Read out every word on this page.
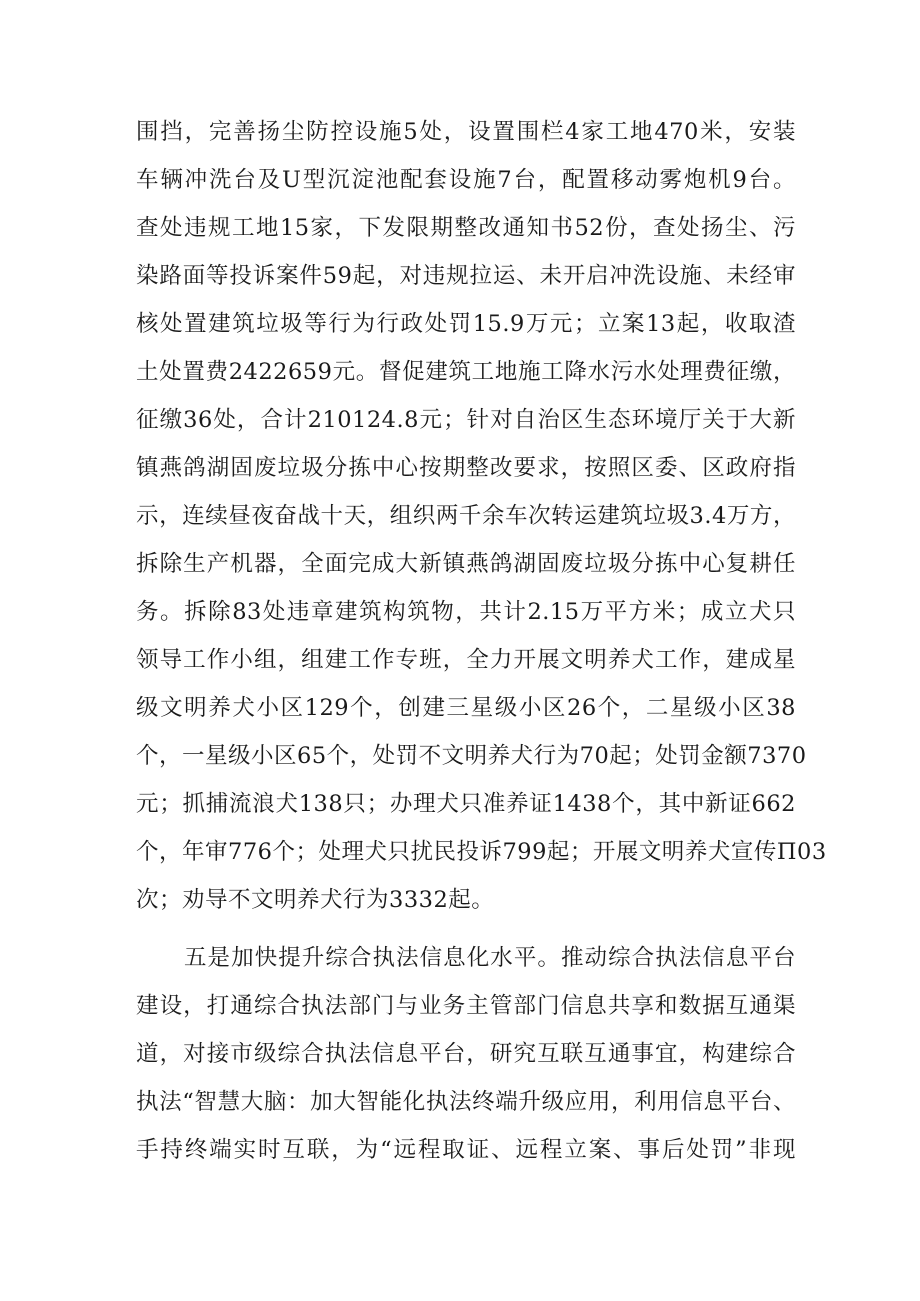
围挡，完善扬尘防控设施5处，设置围栏4家工地470米，安装
车辆冲洗台及U型沉淀池配套设施7台，配置移动雾炮机9台。
查处违规工地15家，下发限期整改通知书52份，查处扬尘、污
染路面等投诉案件59起，对违规拉运、未开启冲洗设施、未经审
核处置建筑垃圾等行为行政处罚15.9万元；立案13起，收取渣
土处置费2422659元。督促建筑工地施工降水污水处理费征缴，
征缴36处，合计210124.8元；针对自治区生态环境厅关于大新
镇燕鸽湖固废垃圾分拣中心按期整改要求，按照区委、区政府指
示，连续昼夜奋战十天，组织两千余车次转运建筑垃圾3.4万方，
拆除生产机器，全面完成大新镇燕鸽湖固废垃圾分拣中心复耕任
务。拆除83处违章建筑构筑物，共计2.15万平方米；成立犬只
领导工作小组，组建工作专班，全力开展文明养犬工作，建成星
级文明养犬小区129个，创建三星级小区26个，二星级小区38
个，一星级小区65个，处罚不文明养犬行为70起；处罚金额7370
元；抓捕流浪犬138只；办理犬只准养证1438个，其中新证662
个，年审776个；处理犬只扰民投诉799起；开展文明养犬宣传Π03
次；劝导不文明养犬行为3332起。
五是加快提升综合执法信息化水平。推动综合执法信息平台
建设，打通综合执法部门与业务主管部门信息共享和数据互通渠
道，对接市级综合执法信息平台，研究互联互通事宜，构建综合
执法“智慧大脑：加大智能化执法终端升级应用，利用信息平台、
手持终端实时互联，为“远程取证、远程立案、事后处罚”非现
